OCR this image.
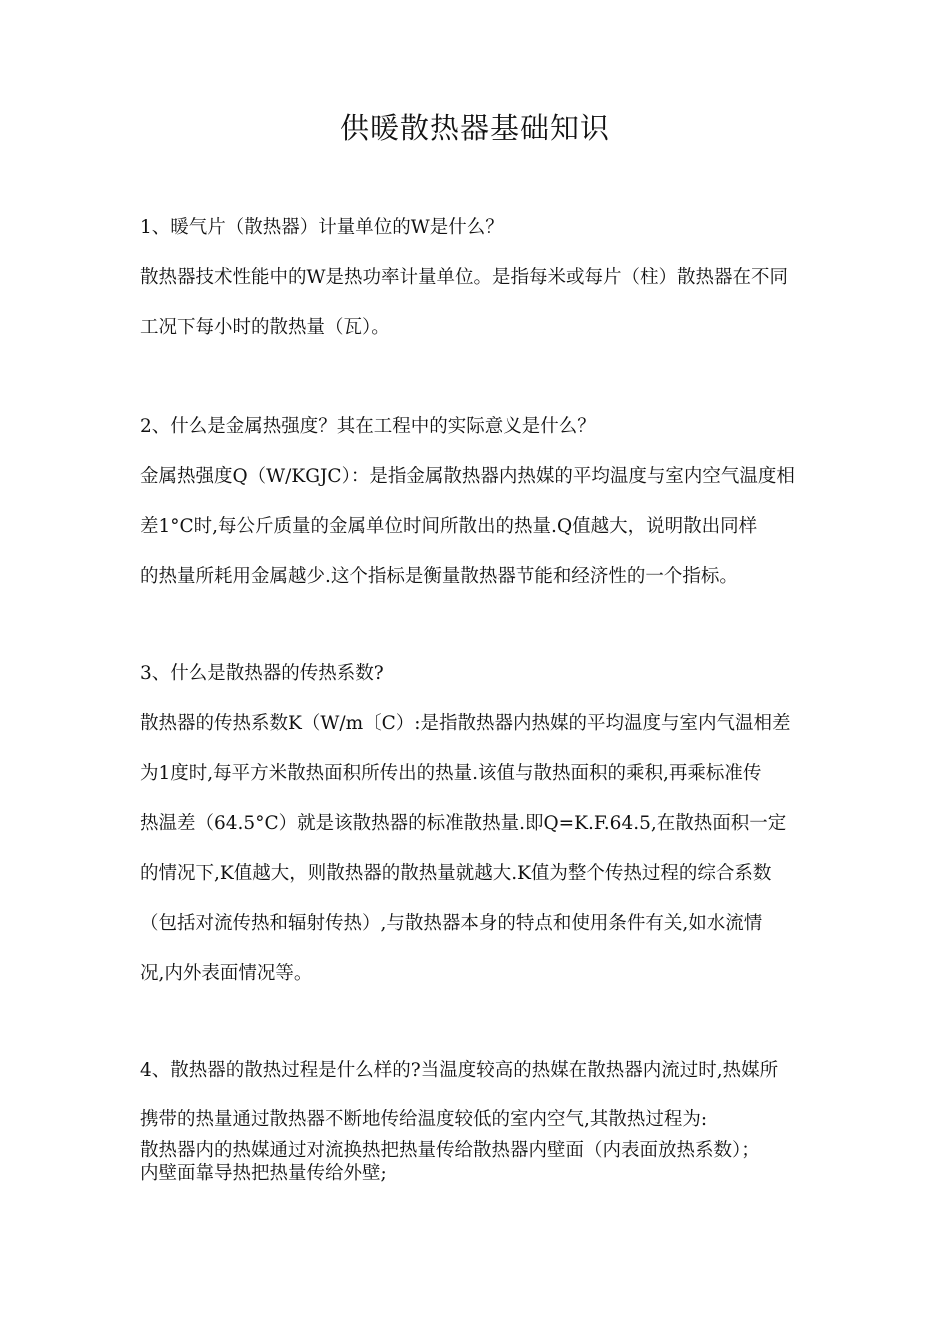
供暖散热器基础知识
1、暖气片（散热器）计量单位的W是什么？
散热器技术性能中的W是热功率计量单位。是指每米或每片（柱）散热器在不同
工况下每小时的散热量（瓦）。
2、什么是金属热强度？其在工程中的实际意义是什么？
金属热强度Q（W/KGJC）：是指金属散热器内热媒的平均温度与室内空气温度相
差1°C时,每公斤质量的金属单位时间所散出的热量.Q值越大，说明散出同样
的热量所耗用金属越少.这个指标是衡量散热器节能和经济性的一个指标。
3、什么是散热器的传热系数?
散热器的传热系数K（W/m〔C）:是指散热器内热媒的平均温度与室内气温相差
为1度时,每平方米散热面积所传出的热量.该值与散热面积的乘积,再乘标准传
热温差（64.5°C）就是该散热器的标准散热量.即Q=K.F.64.5,在散热面积一定
的情况下,K值越大，则散热器的散热量就越大.K值为整个传热过程的综合系数
（包括对流传热和辐射传热）,与散热器本身的特点和使用条件有关,如水流情
况,内外表面情况等。
4、散热器的散热过程是什么样的?当温度较高的热媒在散热器内流过时,热媒所
携带的热量通过散热器不断地传给温度较低的室内空气,其散热过程为:
散热器内的热媒通过对流换热把热量传给散热器内壁面（内表面放热系数）；
内壁面靠导热把热量传给外壁;
